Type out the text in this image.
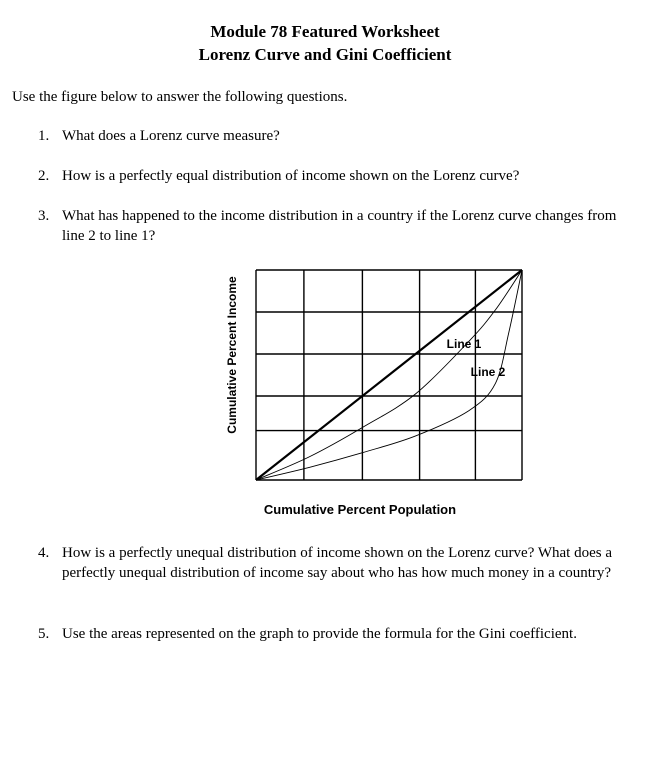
Module 78 Featured Worksheet
Lorenz Curve and Gini Coefficient
Use the figure below to answer the following questions.
1. What does a Lorenz curve measure?
2. How is a perfectly equal distribution of income shown on the Lorenz curve?
3. What has happened to the income distribution in a country if the Lorenz curve changes from line 2 to line 1?
Line 1
Line 2
Cumulative Percent Population
Cumulative Percent Income
4. How is a perfectly unequal distribution of income shown on the Lorenz curve? What does a perfectly unequal distribution of income say about who has how much money in a country?
5. Use the areas represented on the graph to provide the formula for the Gini coefficient.
